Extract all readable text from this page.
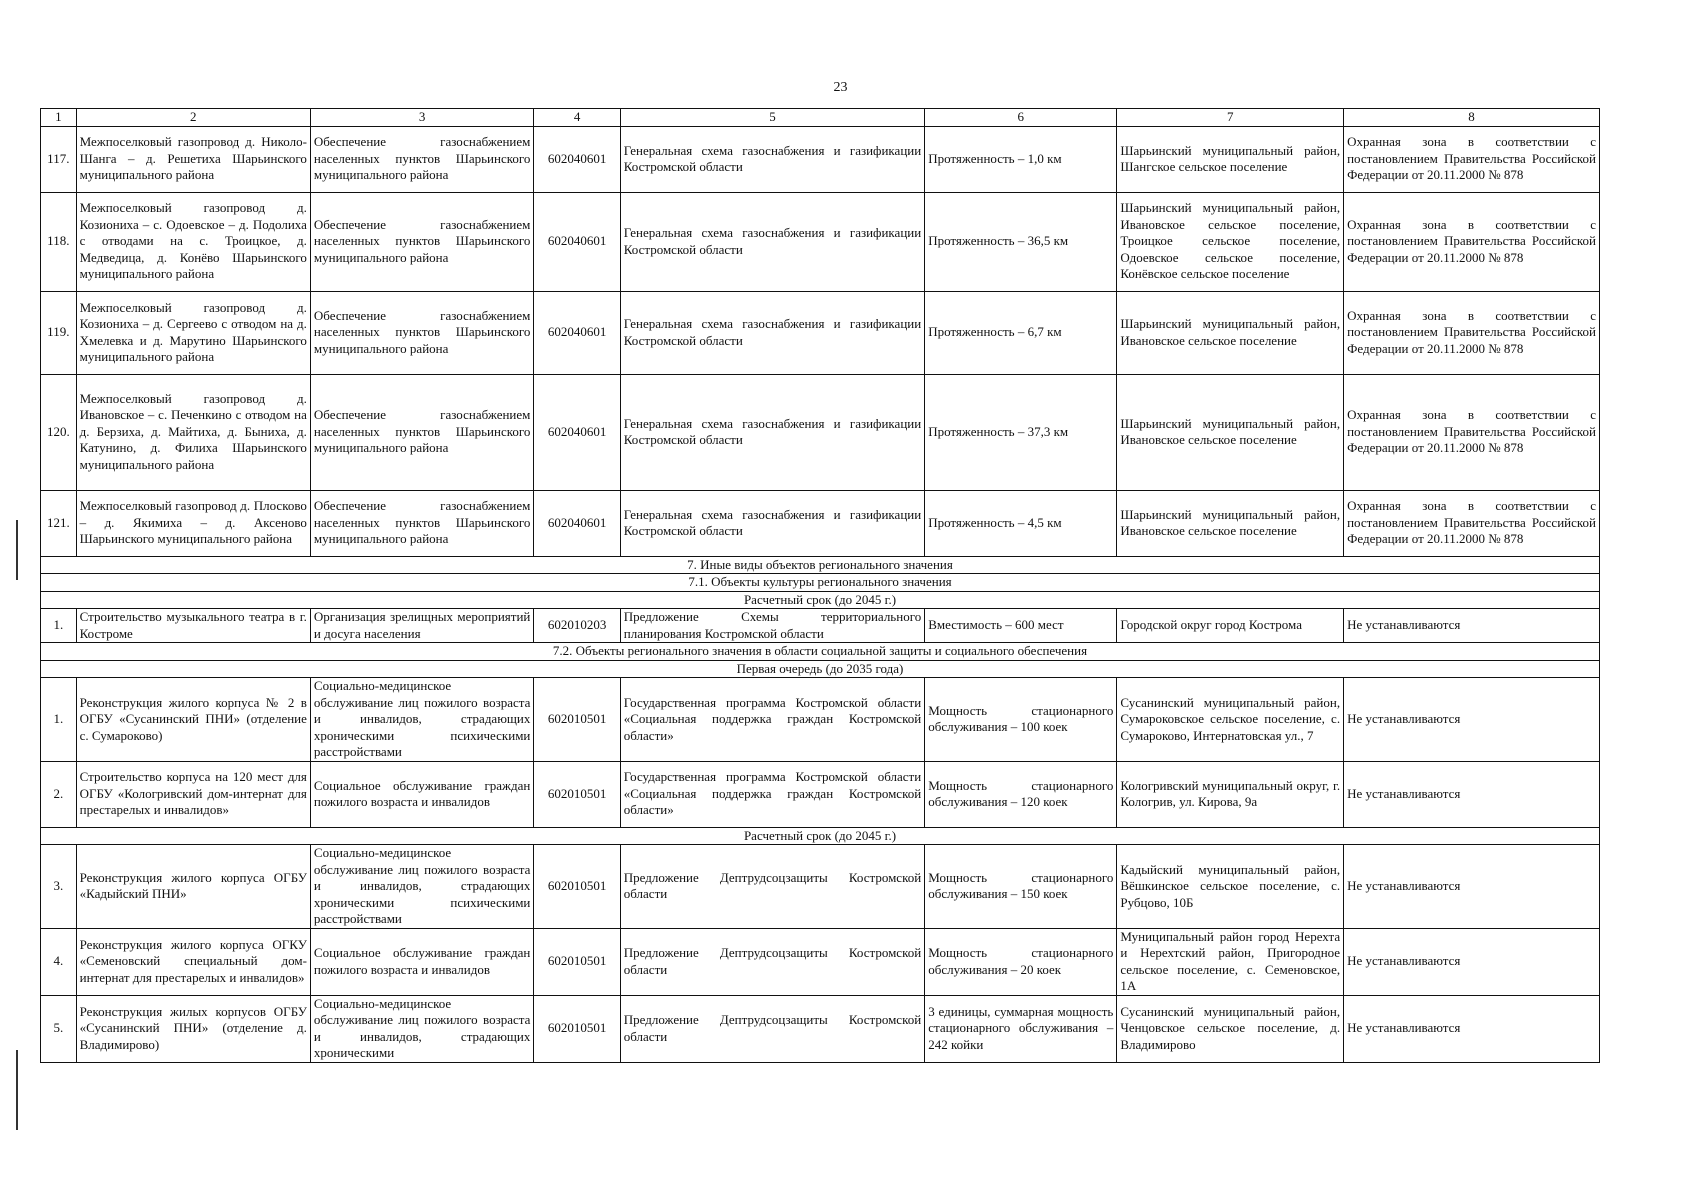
23
1	2	3	4	5	6	7	8
117.	Межпоселковый газопровод д. Николо-Шанга – д. Решетиха Шарьинского муниципального района	Обеспечение газоснабжением населенных пунктов Шарьинского муниципального района	602040601	Генеральная схема газоснабжения и газификации Костромской области	Протяженность – 1,0 км	Шарьинский муниципальный район, Шангское сельское поселение	Охранная зона в соответствии с постановлением Правительства Российской Федерации от 20.11.2000 № 878
118.	Межпоселковый газопровод д. Козиониха – с. Одоевское – д. Подолиха с отводами на с. Троицкое, д. Медведица, д. Конёво Шарьинского муниципального района	Обеспечение газоснабжением населенных пунктов Шарьинского муниципального района	602040601	Генеральная схема газоснабжения и газификации Костромской области	Протяженность – 36,5 км	Шарьинский муниципальный район, Ивановское сельское поселение, Троицкое сельское поселение, Одоевское сельское поселение, Конёвское сельское поселение	Охранная зона в соответствии с постановлением Правительства Российской Федерации от 20.11.2000 № 878
119.	Межпоселковый газопровод д. Козиониха – д. Сергеево с отводом на д. Хмелевка и д. Марутино Шарьинского муниципального района	Обеспечение газоснабжением населенных пунктов Шарьинского муниципального района	602040601	Генеральная схема газоснабжения и газификации Костромской области	Протяженность – 6,7 км	Шарьинский муниципальный район, Ивановское сельское поселение	Охранная зона в соответствии с постановлением Правительства Российской Федерации от 20.11.2000 № 878
120.	Межпоселковый газопровод д. Ивановское – с. Печенкино с отводом на д. Берзиха, д. Майтиха, д. Быниха, д. Катунино, д. Филиха Шарьинского муниципального района	Обеспечение газоснабжением населенных пунктов Шарьинского муниципального района	602040601	Генеральная схема газоснабжения и газификации Костромской области	Протяженность – 37,3 км	Шарьинский муниципальный район, Ивановское сельское поселение	Охранная зона в соответствии с постановлением Правительства Российской Федерации от 20.11.2000 № 878
121.	Межпоселковый газопровод д. Плосково – д. Якимиха – д. Аксеново Шарьинского муниципального района	Обеспечение газоснабжением населенных пунктов Шарьинского муниципального района	602040601	Генеральная схема газоснабжения и газификации Костромской области	Протяженность – 4,5 км	Шарьинский муниципальный район, Ивановское сельское поселение	Охранная зона в соответствии с постановлением Правительства Российской Федерации от 20.11.2000 № 878
7. Иные виды объектов регионального значения							
7.1. Объекты культуры регионального значения							
Расчетный срок (до 2045 г.)							
1.	Строительство музыкального театра в г. Костроме	Организация зрелищных мероприятий и досуга населения	602010203	Предложение Схемы территориального планирования Костромской области	Вместимость – 600 мест	Городской округ город Кострома	Не устанавливаются
7.2. Объекты регионального значения в области социальной защиты и социального обеспечения							
Первая очередь (до 2035 года)							
1.	Реконструкция жилого корпуса № 2 в ОГБУ «Сусанинский ПНИ» (отделение с. Сумароково)	Социально-медицинское обслуживание лиц пожилого возраста и инвалидов, страдающих хроническими психическими расстройствами	602010501	Государственная программа Костромской области «Социальная поддержка граждан Костромской области»	Мощность стационарного обслуживания – 100 коек	Сусанинский муниципальный район, Сумароковское сельское поселение, с. Сумароково, Интернатовская ул., 7	Не устанавливаются
2.	Строительство корпуса на 120 мест для ОГБУ «Кологривский дом-интернат для престарелых и инвалидов»	Социальное обслуживание граждан пожилого возраста и инвалидов	602010501	Государственная программа Костромской области «Социальная поддержка граждан Костромской области»	Мощность стационарного обслуживания – 120 коек	Кологривский муниципальный округ, г. Кологрив, ул. Кирова, 9а	Не устанавливаются
Расчетный срок (до 2045 г.)							
3.	Реконструкция жилого корпуса ОГБУ «Кадыйский ПНИ»	Социально-медицинское обслуживание лиц пожилого возраста и инвалидов, страдающих хроническими психическими расстройствами	602010501	Предложение Дептрудсоцзащиты Костромской области	Мощность стационарного обслуживания – 150 коек	Кадыйский муниципальный район, Вёшкинское сельское поселение, с. Рубцово, 10Б	Не устанавливаются
4.	Реконструкция жилого корпуса ОГКУ «Семеновский специальный дом-интернат для престарелых и инвалидов»	Социальное обслуживание граждан пожилого возраста и инвалидов	602010501	Предложение Дептрудсоцзащиты Костромской области	Мощность стационарного обслуживания – 20 коек	Муниципальный район город Нерехта и Нерехтский район, Пригородное сельское поселение, с. Семеновское, 1А	Не устанавливаются
5.	Реконструкция жилых корпусов ОГБУ «Сусанинский ПНИ» (отделение д. Владимирово)	Социально-медицинское обслуживание лиц пожилого возраста и инвалидов, страдающих хроническими	602010501	Предложение Дептрудсоцзащиты Костромской области	3 единицы, суммарная мощность стационарного обслуживания – 242 койки	Сусанинский муниципальный район, Ченцовское сельское поселение, д. Владимирово	Не устанавливаются
